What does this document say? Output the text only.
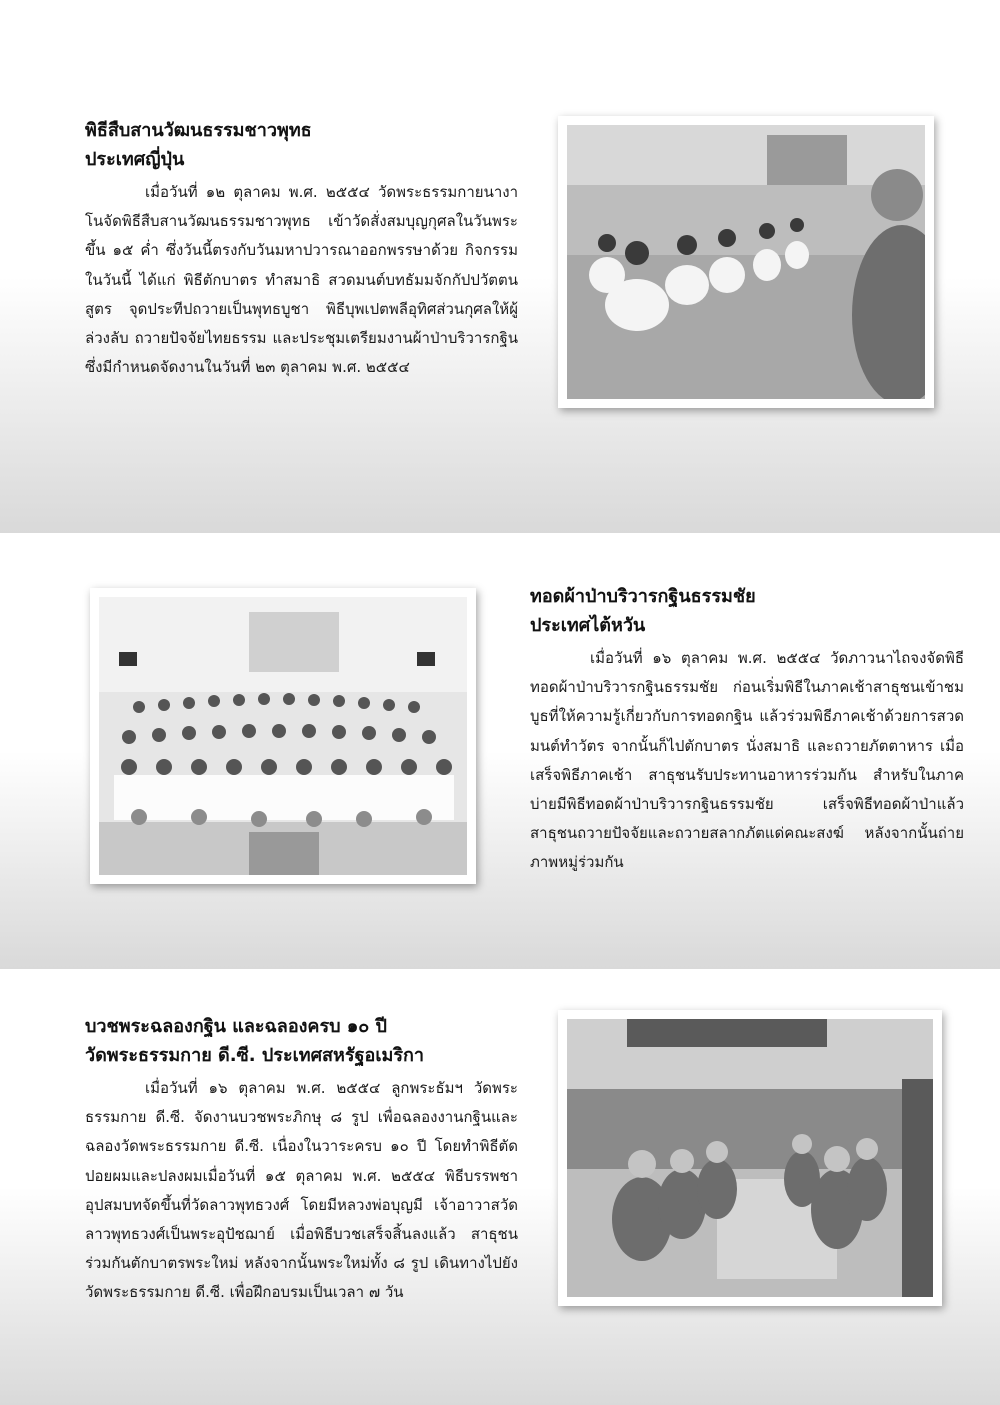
พิธีสืบสานวัฒนธรรมชาวพุทธ
ประเทศญี่ปุ่น

เมื่อวันที่ ๑๒ ตุลาคม พ.ศ. ๒๕๕๔ วัดพระธรรมกายนางาโนจัดพิธีสืบสานวัฒนธรรมชาวพุทธ เข้าวัดสั่งสมบุญกุศลในวันพระขึ้น ๑๕ ค่ำ ซึ่งวันนี้ตรงกับวันมหาปวารณาออกพรรษาด้วย กิจกรรมในวันนี้ ได้แก่ พิธีตักบาตร ทำสมาธิ สวดมนต์บทธัมมจักกัปปวัตตนสูตร จุดประทีปถวายเป็นพุทธบูชา พิธีบุพเปตพลีอุทิศส่วนกุศลให้ผู้ล่วงลับ ถวายปัจจัยไทยธรรม และประชุมเตรียมงานผ้าป่าบริวารกฐิน ซึ่งมีกำหนดจัดงานในวันที่ ๒๓ ตุลาคม พ.ศ. ๒๕๕๔

ทอดผ้าป่าบริวารกฐินธรรมชัย
ประเทศไต้หวัน

เมื่อวันที่ ๑๖ ตุลาคม พ.ศ. ๒๕๕๔ วัดภาวนาไถจงจัดพิธีทอดผ้าป่าบริวารกฐินธรรมชัย ก่อนเริ่มพิธีในภาคเช้าสาธุชนเข้าชมบูธที่ให้ความรู้เกี่ยวกับการทอดกฐิน แล้วร่วมพิธีภาคเช้าด้วยการสวดมนต์ทำวัตร จากนั้นก็ไปตักบาตร นั่งสมาธิ และถวายภัตตาหาร เมื่อเสร็จพิธีภาคเช้า สาธุชนรับประทานอาหารร่วมกัน สำหรับในภาคบ่ายมีพิธีทอดผ้าป่าบริวารกฐินธรรมชัย เสร็จพิธีทอดผ้าป่าแล้ว สาธุชนถวายปัจจัยและถวายสลากภัตแด่คณะสงฆ์ หลังจากนั้นถ่ายภาพหมู่ร่วมกัน

บวชพระฉลองกฐิน และฉลองครบ ๑๐ ปี
วัดพระธรรมกาย ดี.ซี. ประเทศสหรัฐอเมริกา

เมื่อวันที่ ๑๖ ตุลาคม พ.ศ. ๒๕๕๔ ลูกพระธัมฯ วัดพระธรรมกาย ดี.ซี. จัดงานบวชพระภิกษุ ๘ รูป เพื่อฉลองงานกฐินและฉลองวัดพระธรรมกาย ดี.ซี. เนื่องในวาระครบ ๑๐ ปี โดยทำพิธีตัดปอยผมและปลงผมเมื่อวันที่ ๑๕ ตุลาคม พ.ศ. ๒๕๕๔ พิธีบรรพชาอุปสมบทจัดขึ้นที่วัดลาวพุทธวงศ์ โดยมีหลวงพ่อบุญมี เจ้าอาวาสวัดลาวพุทธวงศ์เป็นพระอุปัชฌาย์ เมื่อพิธีบวชเสร็จสิ้นลงแล้ว สาธุชนร่วมกันตักบาตรพระใหม่ หลังจากนั้นพระใหม่ทั้ง ๘ รูป เดินทางไปยังวัดพระธรรมกาย ดี.ซี. เพื่อฝึกอบรมเป็นเวลา ๗ วัน
